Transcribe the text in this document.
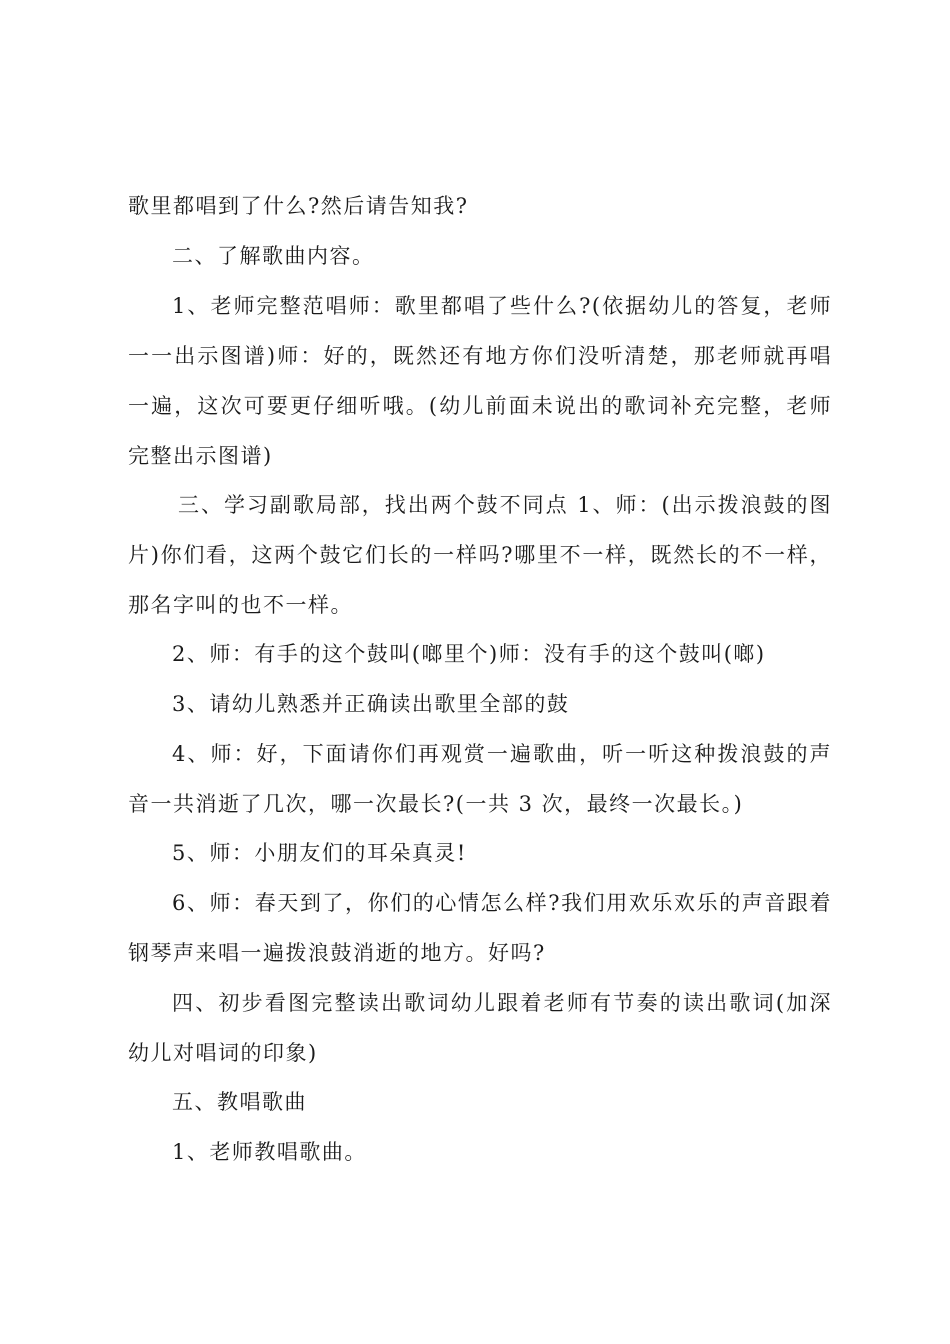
歌里都唱到了什么?然后请告知我?

二、了解歌曲内容。

1、老师完整范唱师：歌里都唱了些什么?(依据幼儿的答复，老师一一出示图谱)师：好的，既然还有地方你们没听清楚，那老师就再唱一遍，这次可要更仔细听哦。(幼儿前面未说出的歌词补充完整，老师完整出示图谱)

三、学习副歌局部，找出两个鼓不同点 1、师：(出示拨浪鼓的图片)你们看，这两个鼓它们长的一样吗?哪里不一样，既然长的不一样，那名字叫的也不一样。

2、师：有手的这个鼓叫(啷里个)师：没有手的这个鼓叫(啷)

3、请幼儿熟悉并正确读出歌里全部的鼓

4、师：好，下面请你们再观赏一遍歌曲，听一听这种拨浪鼓的声音一共消逝了几次，哪一次最长?(一共 3 次，最终一次最长。)

5、师：小朋友们的耳朵真灵!

6、师：春天到了，你们的心情怎么样?我们用欢乐欢乐的声音跟着钢琴声来唱一遍拨浪鼓消逝的地方。好吗?

四、初步看图完整读出歌词幼儿跟着老师有节奏的读出歌词(加深幼儿对唱词的印象)

五、教唱歌曲

1、老师教唱歌曲。
